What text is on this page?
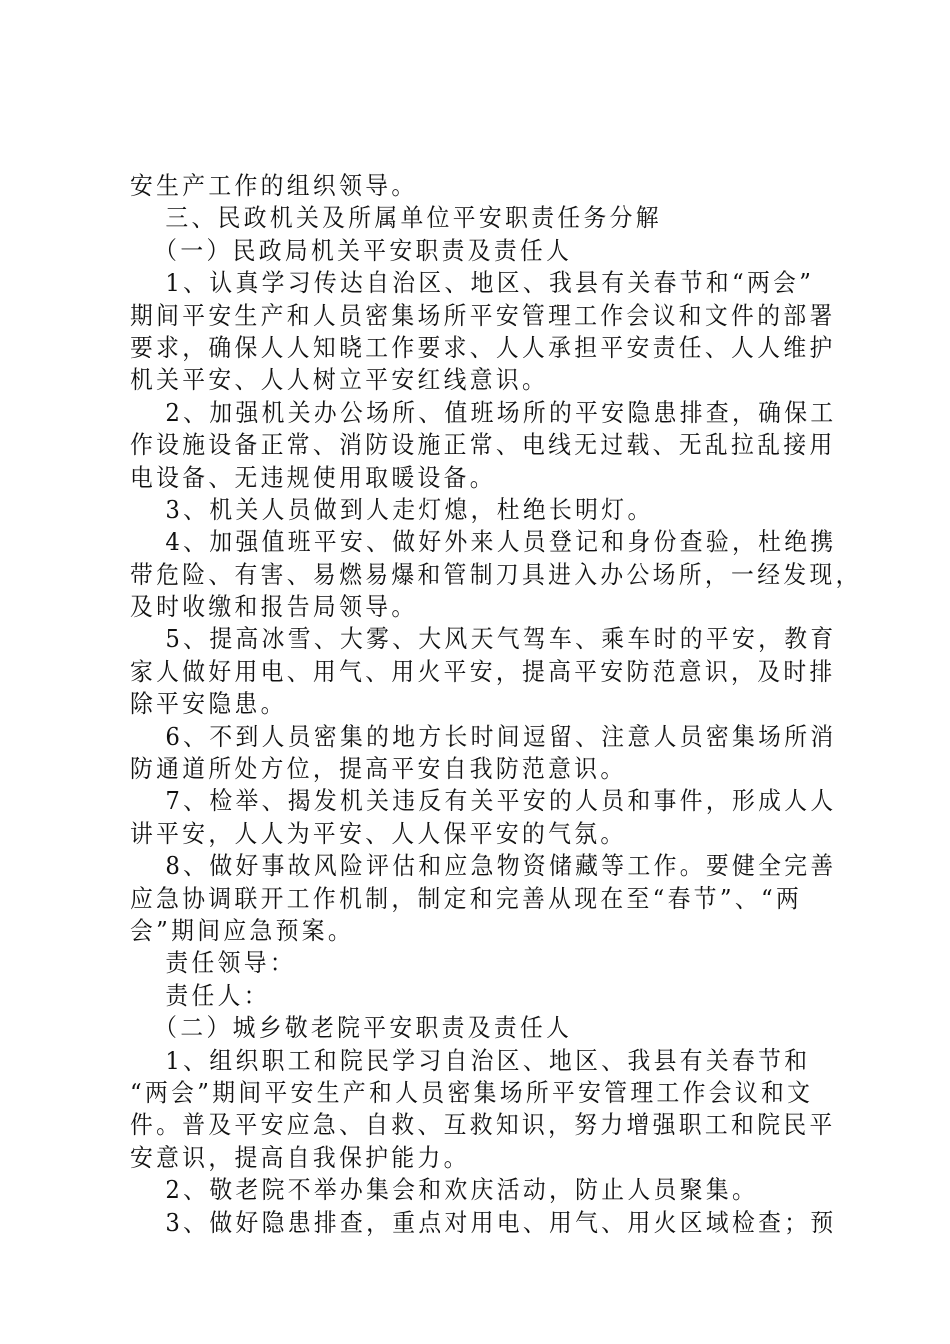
安生产工作的组织领导。
三、民政机关及所属单位平安职责任务分解
（一）民政局机关平安职责及责任人
1、认真学习传达自治区、地区、我县有关春节和“两会”
期间平安生产和人员密集场所平安管理工作会议和文件的部署
要求，确保人人知晓工作要求、人人承担平安责任、人人维护
机关平安、人人树立平安红线意识。
2、加强机关办公场所、值班场所的平安隐患排查，确保工
作设施设备正常、消防设施正常、电线无过载、无乱拉乱接用
电设备、无违规使用取暖设备。
3、机关人员做到人走灯熄，杜绝长明灯。
4、加强值班平安、做好外来人员登记和身份查验，杜绝携
带危险、有害、易燃易爆和管制刀具进入办公场所，一经发现，
及时收缴和报告局领导。
5、提高冰雪、大雾、大风天气驾车、乘车时的平安，教育
家人做好用电、用气、用火平安，提高平安防范意识，及时排
除平安隐患。
6、不到人员密集的地方长时间逗留、注意人员密集场所消
防通道所处方位，提高平安自我防范意识。
7、检举、揭发机关违反有关平安的人员和事件，形成人人
讲平安，人人为平安、人人保平安的气氛。
8、做好事故风险评估和应急物资储藏等工作。要健全完善
应急协调联开工作机制，制定和完善从现在至“春节”、“两
会”期间应急预案。
责任领导：
责任人：
（二）城乡敬老院平安职责及责任人
1、组织职工和院民学习自治区、地区、我县有关春节和
“两会”期间平安生产和人员密集场所平安管理工作会议和文
件。普及平安应急、自救、互救知识，努力增强职工和院民平
安意识，提高自我保护能力。
2、敬老院不举办集会和欢庆活动，防止人员聚集。
3、做好隐患排查，重点对用电、用气、用火区域检查；预
